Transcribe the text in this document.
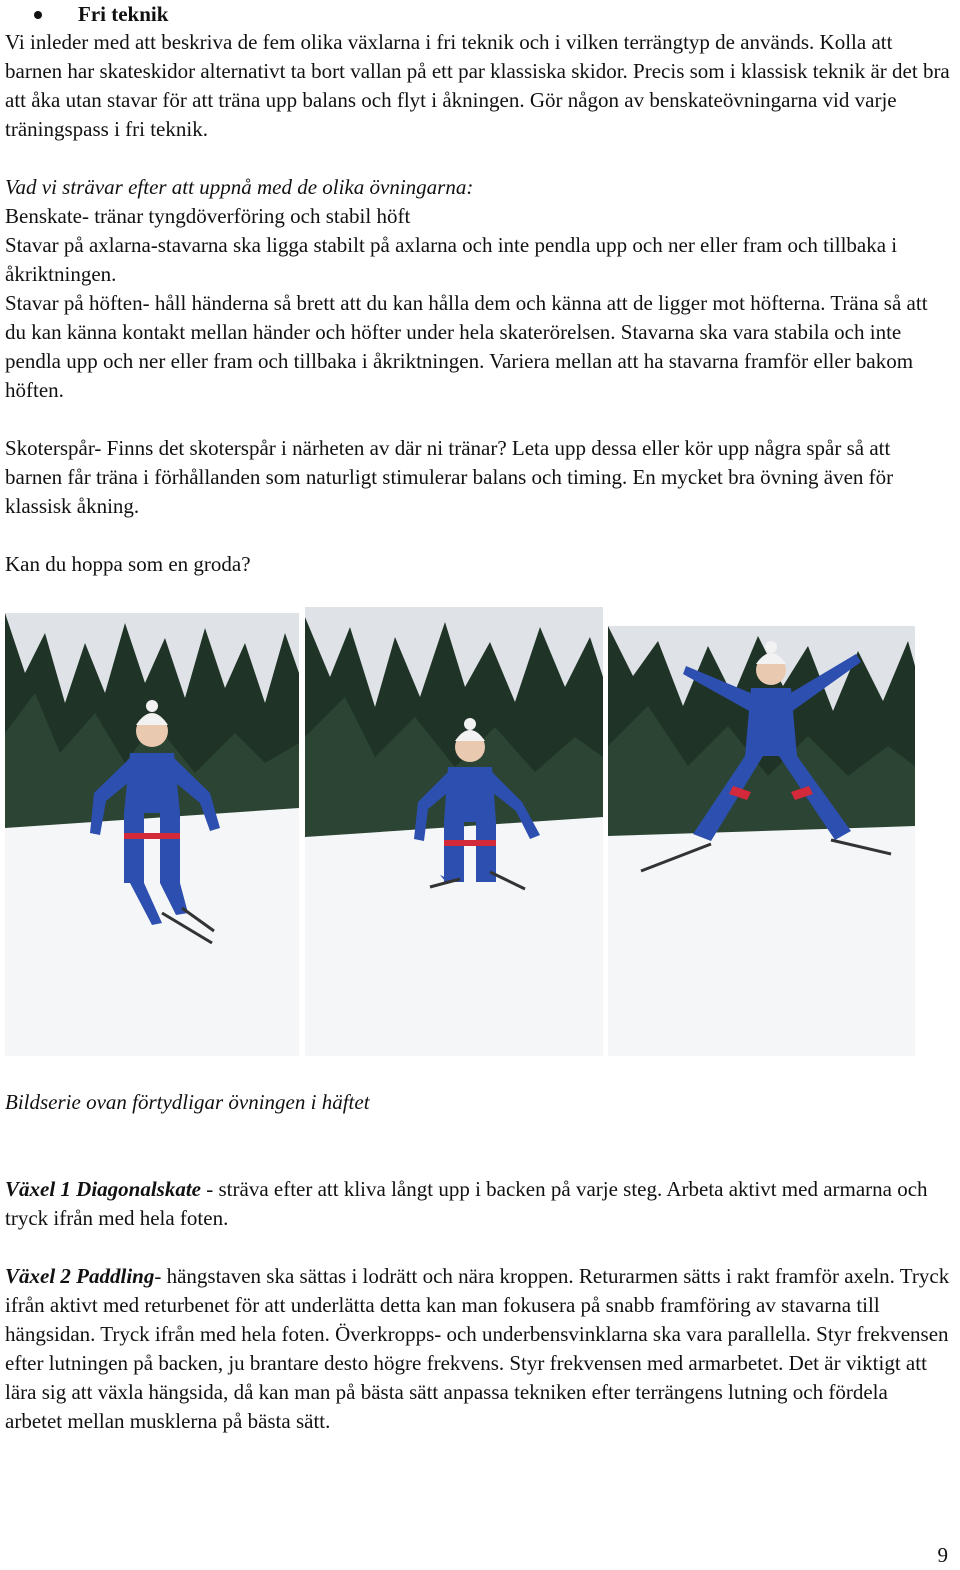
Fri teknik

Vi inleder med att beskriva de fem olika växlarna i fri teknik och i vilken terrängtyp de används. Kolla att barnen har skateskidor alternativt ta bort vallan på ett par klassiska skidor. Precis som i klassisk teknik är det bra att åka utan stavar för att träna upp balans och flyt i åkningen. Gör någon av benskateövningarna vid varje träningspass i fri teknik.

Vad vi strävar efter att uppnå med de olika övningarna:

Benskate- tränar tyngdöverföring och stabil höft

Stavar på axlarna-stavarna ska ligga stabilt på axlarna och inte pendla upp och ner eller fram och tillbaka i åkriktningen.

Stavar på höften- håll händerna så brett att du kan hålla dem och känna att de ligger mot höfterna. Träna så att du kan känna kontakt mellan händer och höfter under hela skaterörelsen. Stavarna ska vara stabila och inte pendla upp och ner eller fram och tillbaka i åkriktningen. Variera mellan att ha stavarna framför eller bakom höften.

Skoterspår- Finns det skoterspår i närheten av där ni tränar? Leta upp dessa eller kör upp några spår så att barnen får träna i förhållanden som naturligt stimulerar balans och timing. En mycket bra övning även för klassisk åkning.

Kan du hoppa som en groda?

Bildserie ovan förtydligar övningen i häftet

Växel 1 Diagonalskate - sträva efter att kliva långt upp i backen på varje steg. Arbeta aktivt med armarna och tryck ifrån med hela foten.

Växel 2 Paddling- hängstaven ska sättas i lodrätt och nära kroppen. Returarmen sätts i rakt framför axeln. Tryck ifrån aktivt med returbenet för att underlätta detta kan man fokusera på snabb framföring av stavarna till hängsidan. Tryck ifrån med hela foten. Överkropps- och underbensvinklarna ska vara parallella. Styr frekvensen efter lutningen på backen, ju brantare desto högre frekvens. Styr frekvensen med armarbetet. Det är viktigt att lära sig att växla hängsida, då kan man på bästa sätt anpassa tekniken efter terrängens lutning och fördela arbetet mellan musklerna på bästa sätt.

9
